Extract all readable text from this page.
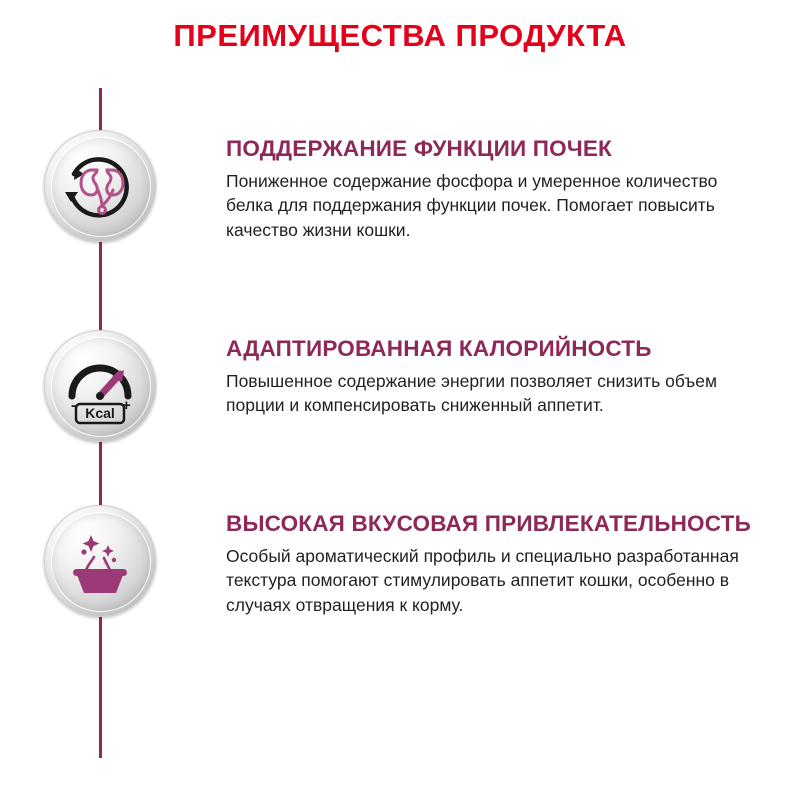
ПРЕИМУЩЕСТВА ПРОДУКТА
ПОДДЕРЖАНИЕ ФУНКЦИИ ПОЧЕК

Пониженное содержание фосфора и умеренное количество белка для поддержания функции почек. Помогает повысить качество жизни кошки.

-	+
Kcal
АДАПТИРОВАННАЯ КАЛОРИЙНОСТЬ

Повышенное содержание энергии позволяет снизить объем порции и компенсировать сниженный аппетит.

ВЫСОКАЯ ВКУСОВАЯ ПРИВЛЕКАТЕЛЬНОСТЬ

Особый ароматический профиль и специально разработанная текстура помогают стимулировать аппетит кошки, особенно в случаях отвращения к корму.
